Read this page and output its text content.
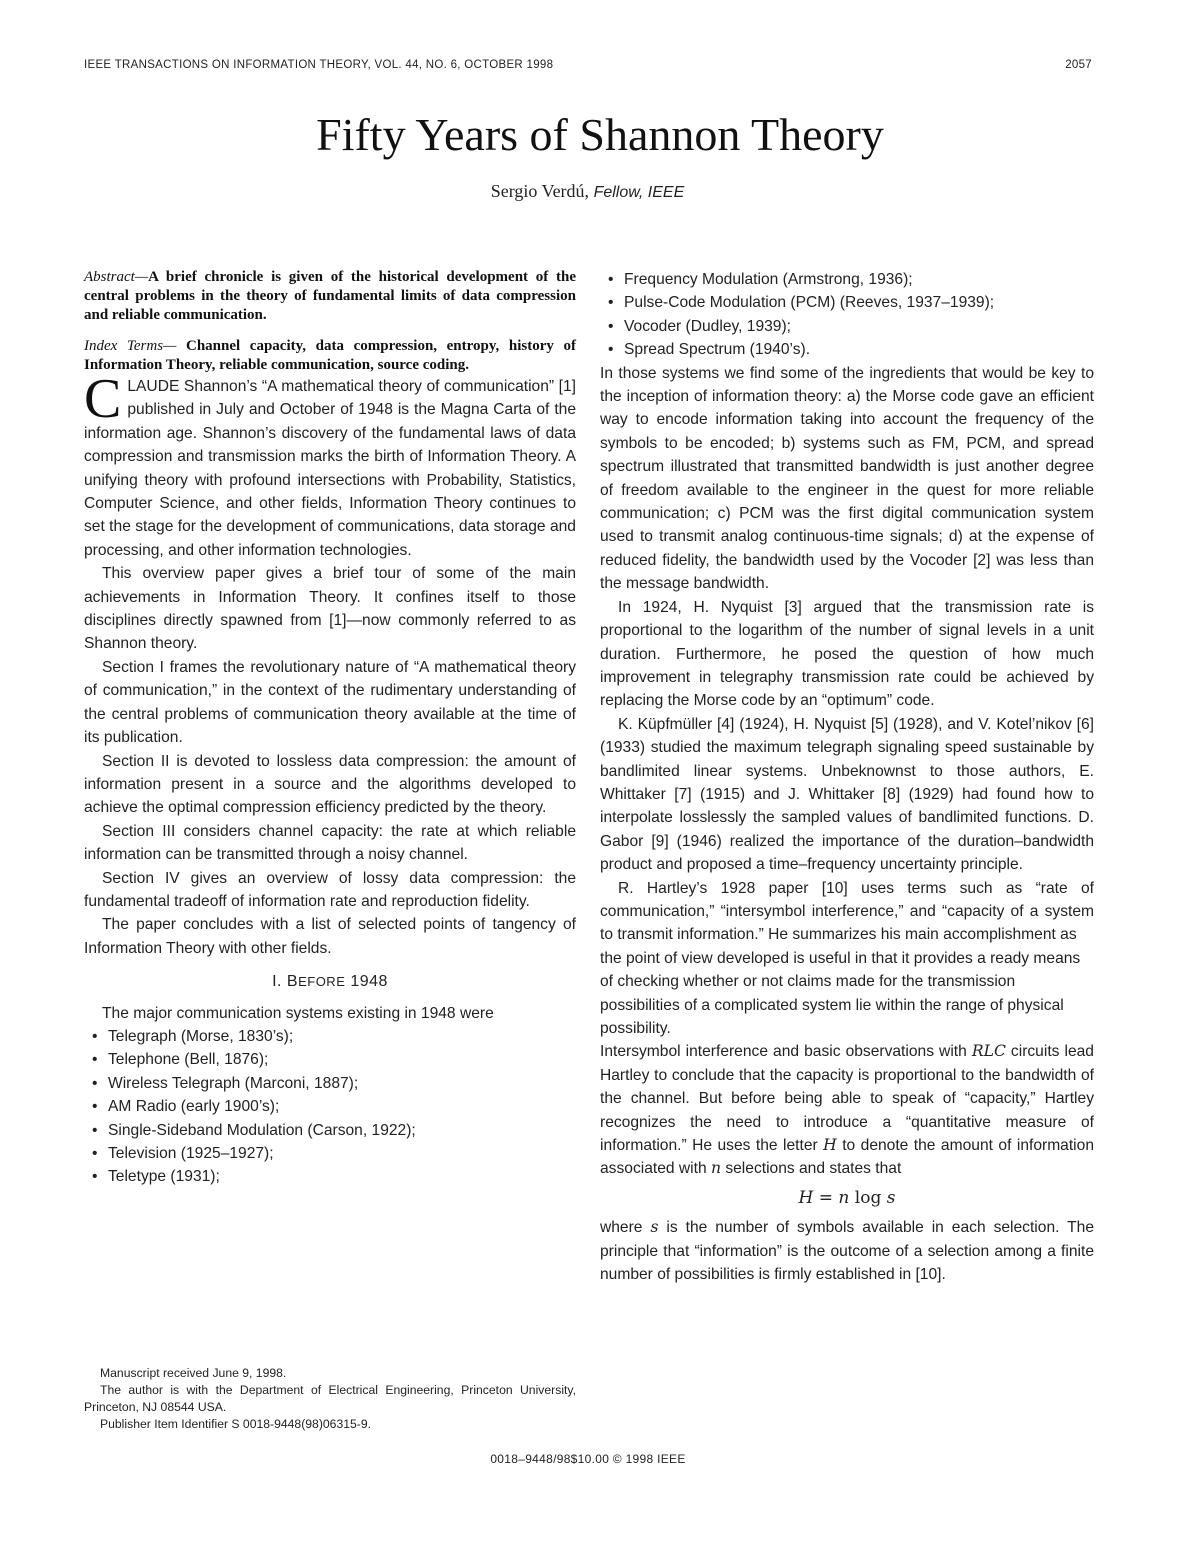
IEEE TRANSACTIONS ON INFORMATION THEORY, VOL. 44, NO. 6, OCTOBER 1998	2057
Fifty Years of Shannon Theory
Sergio Verdú, Fellow, IEEE

Abstract—A brief chronicle is given of the historical development of the central problems in the theory of fundamental limits of data compression and reliable communication.

Index Terms— Channel capacity, data compression, entropy, history of Information Theory, reliable communication, source coding.

CLAUDE Shannon’s “A mathematical theory of communication” [1] published in July and October of 1948 is the Magna Carta of the information age. Shannon’s discovery of the fundamental laws of data compression and transmission marks the birth of Information Theory. A unifying theory with profound intersections with Probability, Statistics, Computer Science, and other fields, Information Theory continues to set the stage for the development of communications, data storage and processing, and other information technologies.

This overview paper gives a brief tour of some of the main achievements in Information Theory. It confines itself to those disciplines directly spawned from [1]—now commonly referred to as Shannon theory.

Section I frames the revolutionary nature of “A mathematical theory of communication,” in the context of the rudimentary understanding of the central problems of communication theory available at the time of its publication.

Section II is devoted to lossless data compression: the amount of information present in a source and the algorithms developed to achieve the optimal compression efficiency predicted by the theory.

Section III considers channel capacity: the rate at which reliable information can be transmitted through a noisy channel.

Section IV gives an overview of lossy data compression: the fundamental tradeoff of information rate and reproduction fidelity.

The paper concludes with a list of selected points of tangency of Information Theory with other fields.

I. BEFORE 1948

The major communication systems existing in 1948 were

• Telegraph (Morse, 1830’s);
• Telephone (Bell, 1876);
• Wireless Telegraph (Marconi, 1887);
• AM Radio (early 1900’s);
• Single-Sideband Modulation (Carson, 1922);
• Television (1925–1927);
• Teletype (1931);

Manuscript received June 9, 1998.

The author is with the Department of Electrical Engineering, Princeton University, Princeton, NJ 08544 USA.

Publisher Item Identifier S 0018-9448(98)06315-9.

• Frequency Modulation (Armstrong, 1936);
• Pulse-Code Modulation (PCM) (Reeves, 1937–1939);
• Vocoder (Dudley, 1939);
• Spread Spectrum (1940’s).

In those systems we find some of the ingredients that would be key to the inception of information theory: a) the Morse code gave an efficient way to encode information taking into account the frequency of the symbols to be encoded; b) systems such as FM, PCM, and spread spectrum illustrated that transmitted bandwidth is just another degree of freedom available to the engineer in the quest for more reliable communication; c) PCM was the first digital communication system used to transmit analog continuous-time signals; d) at the expense of reduced fidelity, the bandwidth used by the Vocoder [2] was less than the message bandwidth.

In 1924, H. Nyquist [3] argued that the transmission rate is proportional to the logarithm of the number of signal levels in a unit duration. Furthermore, he posed the question of how much improvement in telegraphy transmission rate could be achieved by replacing the Morse code by an “optimum” code.

K. Küpfmüller [4] (1924), H. Nyquist [5] (1928), and V. Kotel’nikov [6] (1933) studied the maximum telegraph signaling speed sustainable by bandlimited linear systems. Unbeknownst to those authors, E. Whittaker [7] (1915) and J. Whittaker [8] (1929) had found how to interpolate losslessly the sampled values of bandlimited functions. D. Gabor [9] (1946) realized the importance of the duration–bandwidth product and proposed a time–frequency uncertainty principle.

R. Hartley’s 1928 paper [10] uses terms such as “rate of communication,” “intersymbol interference,” and “capacity of a system to transmit information.” He summarizes his main accomplishment as

the point of view developed is useful in that it provides a ready means of checking whether or not claims made for the transmission possibilities of a complicated system lie within the range of physical possibility.

Intersymbol interference and basic observations with RLC circuits lead Hartley to conclude that the capacity is proportional to the bandwidth of the channel. But before being able to speak of “capacity,” Hartley recognizes the need to introduce a “quantitative measure of information.” He uses the letter H to denote the amount of information associated with n selections and states that

H = n log s

where s is the number of symbols available in each selection. The principle that “information” is the outcome of a selection among a finite number of possibilities is firmly established in [10].

0018–9448/98$10.00 © 1998 IEEE
